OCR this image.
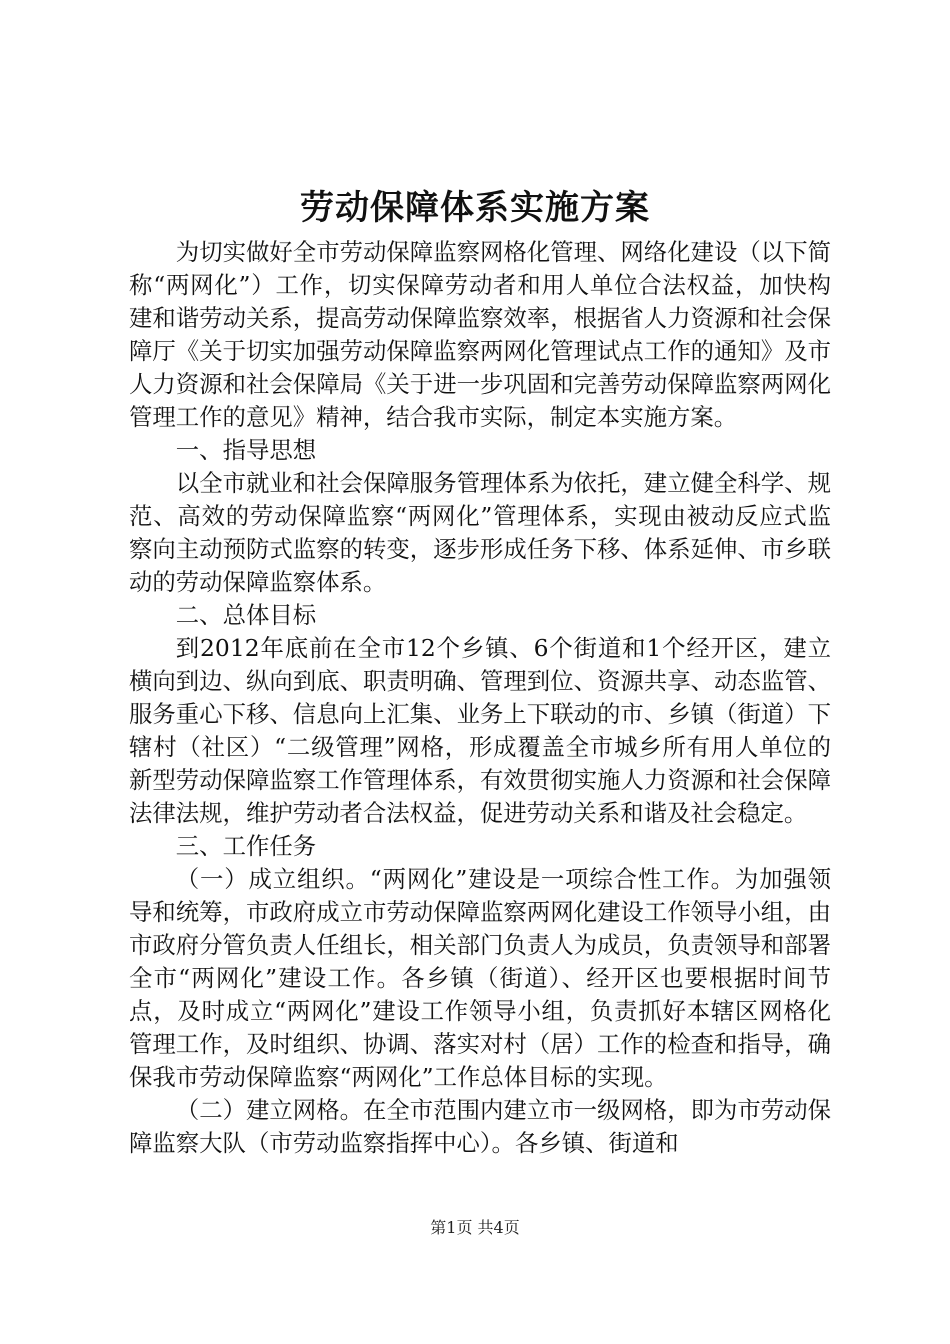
劳动保障体系实施方案

为切实做好全市劳动保障监察网格化管理、网络化建设（以下简称“两网化”）工作，切实保障劳动者和用人单位合法权益，加快构建和谐劳动关系，提高劳动保障监察效率，根据省人力资源和社会保障厅《关于切实加强劳动保障监察两网化管理试点工作的通知》及市人力资源和社会保障局《关于进一步巩固和完善劳动保障监察两网化管理工作的意见》精神，结合我市实际，制定本实施方案。

一、指导思想

以全市就业和社会保障服务管理体系为依托，建立健全科学、规范、高效的劳动保障监察“两网化”管理体系，实现由被动反应式监察向主动预防式监察的转变，逐步形成任务下移、体系延伸、市乡联动的劳动保障监察体系。

二、总体目标

到2012年底前在全市12个乡镇、6个街道和1个经开区，建立横向到边、纵向到底、职责明确、管理到位、资源共享、动态监管、服务重心下移、信息向上汇集、业务上下联动的市、乡镇（街道）下辖村（社区）“二级管理”网格，形成覆盖全市城乡所有用人单位的新型劳动保障监察工作管理体系，有效贯彻实施人力资源和社会保障法律法规，维护劳动者合法权益，促进劳动关系和谐及社会稳定。

三、工作任务

（一）成立组织。“两网化”建设是一项综合性工作。为加强领导和统筹，市政府成立市劳动保障监察两网化建设工作领导小组，由市政府分管负责人任组长，相关部门负责人为成员，负责领导和部署全市“两网化”建设工作。各乡镇（街道）、经开区也要根据时间节点，及时成立“两网化”建设工作领导小组，负责抓好本辖区网格化管理工作，及时组织、协调、落实对村（居）工作的检查和指导，确保我市劳动保障监察“两网化”工作总体目标的实现。

（二）建立网格。在全市范围内建立市一级网格，即为市劳动保障监察大队（市劳动监察指挥中心）。各乡镇、街道和

第1页 共4页
